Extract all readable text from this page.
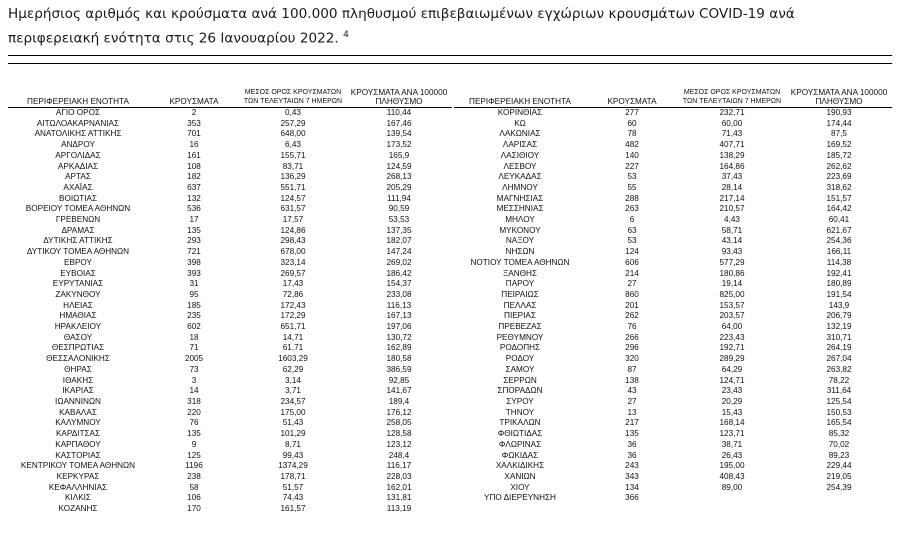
Ημερήσιος αριθμός και κρούσματα ανά 100.000 πληθυσμού επιβεβαιωμένων εγχώριων κρουσμάτων COVID-19 ανά περιφερειακή ενότητα στις 26 Ιανουαρίου 2022. $^4$
ΠΕΡΙΦΕΡΕΙΑΚΗ ΕΝΟΤΗΤΑ	ΚΡΟΥΣΜΑΤΑ	ΜΕΣΟΣ ΟΡΟΣ ΚΡΟΥΣΜΑΤΩΝ ΤΩΝ ΤΕΛΕΥΤΑΙΩΝ 7 ΗΜΕΡΩΝ	ΚΡΟΥΣΜΑΤΑ ΑΝΑ 100000 ΠΛΗΘΥΣΜΟ
ΑΓΙΟ ΟΡΟΣ	2	0,43	110,44
ΑΙΤΩΛΟΑΚΑΡΝΑΝΙΑΣ	353	257,29	167,46
ΑΝΑΤΟΛΙΚΗΣ ΑΤΤΙΚΗΣ	701	648,00	139,54
ΑΝΔΡΟΥ	16	6,43	173,52
ΑΡΓΟΛΙΔΑΣ	161	155,71	165,9
ΑΡΚΑΔΙΑΣ	108	83,71	124,59
ΑΡΤΑΣ	182	136,29	268,13
ΑΧΑΪΑΣ	637	551,71	205,29
ΒΟΙΩΤΙΑΣ	132	124,57	111,94
ΒΟΡΕΙΟΥ ΤΟΜΕΑ ΑΘΗΝΩΝ	536	631,57	90,59
ΓΡΕΒΕΝΩΝ	17	17,57	53,53
ΔΡΑΜΑΣ	135	124,86	137,35
ΔΥΤΙΚΗΣ ΑΤΤΙΚΗΣ	293	298,43	182,07
ΔΥΤΙΚΟΥ ΤΟΜΕΑ ΑΘΗΝΩΝ	721	678,00	147,24
ΕΒΡΟΥ	398	323,14	269,02
ΕΥΒΟΙΑΣ	393	269,57	186,42
ΕΥΡΥΤΑΝΙΑΣ	31	17,43	154,37
ΖΑΚΥΝΘΟΥ	95	72,86	233,08
ΗΛΕΙΑΣ	185	172,43	116,13
ΗΜΑΘΙΑΣ	235	172,29	167,13
ΗΡΑΚΛΕΙΟΥ	602	651,71	197,06
ΘΑΣΟΥ	18	14,71	130,72
ΘΕΣΠΡΩΤΙΑΣ	71	61,71	162,89
ΘΕΣΣΑΛΟΝΙΚΗΣ	2005	1603,29	180,58
ΘΗΡΑΣ	73	62,29	386,59
ΙΘΑΚΗΣ	3	3,14	92,85
ΙΚΑΡΙΑΣ	14	3,71	141,67
ΙΩΑΝΝΙΝΩΝ	318	234,57	189,4
ΚΑΒΑΛΑΣ	220	175,00	176,12
ΚΑΛΥΜΝΟΥ	76	51,43	258,05
ΚΑΡΔΙΤΣΑΣ	135	101,29	128,58
ΚΑΡΠΑΘΟΥ	9	8,71	123,12
ΚΑΣΤΟΡΙΑΣ	125	99,43	248,4
ΚΕΝΤΡΙΚΟΥ ΤΟΜΕΑ ΑΘΗΝΩΝ	1196	1374,29	116,17
ΚΕΡΚΥΡΑΣ	238	178,71	228,03
ΚΕΦΑΛΛΗΝΙΑΣ	58	51,57	162,01
ΚΙΛΚΙΣ	106	74,43	131,81
ΚΟΖΑΝΗΣ	170	161,57	113,19
ΠΕΡΙΦΕΡΕΙΑΚΗ ΕΝΟΤΗΤΑ	ΚΡΟΥΣΜΑΤΑ	ΜΕΣΟΣ ΟΡΟΣ ΚΡΟΥΣΜΑΤΩΝ ΤΩΝ ΤΕΛΕΥΤΑΙΩΝ 7 ΗΜΕΡΩΝ	ΚΡΟΥΣΜΑΤΑ ΑΝΑ 100000 ΠΛΗΘΥΣΜΟ
ΚΟΡΙΝΘΙΑΣ	277	232,71	190,93
ΚΩ	60	60,00	174,44
ΛΑΚΩΝΙΑΣ	78	71,43	87,5
ΛΑΡΙΣΑΣ	482	407,71	169,52
ΛΑΣΙΘΙΟΥ	140	138,29	185,72
ΛΕΣΒΟΥ	227	164,86	262,62
ΛΕΥΚΑΔΑΣ	53	37,43	223,69
ΛΗΜΝΟΥ	55	28,14	318,62
ΜΑΓΝΗΣΙΑΣ	288	217,14	151,57
ΜΕΣΣΗΝΙΑΣ	263	210,57	164,42
ΜΗΛΟΥ	6	4,43	60,41
ΜΥΚΟΝΟΥ	63	58,71	621,67
ΝΑΞΟΥ	53	43,14	254,36
ΝΗΣΩΝ	124	93,43	166,11
ΝΟΤΙΟΥ ΤΟΜΕΑ ΑΘΗΝΩΝ	606	577,29	114,38
ΞΑΝΘΗΣ	214	180,86	192,41
ΠΑΡΟΥ	27	19,14	180,89
ΠΕΙΡΑΙΩΣ	860	825,00	191,54
ΠΕΛΛΑΣ	201	153,57	143,9
ΠΙΕΡΙΑΣ	262	203,57	206,79
ΠΡΕΒΕΖΑΣ	76	64,00	132,19
ΡΕΘΥΜΝΟΥ	266	223,43	310,71
ΡΟΔΟΠΗΣ	296	192,71	264,19
ΡΟΔΟΥ	320	289,29	267,04
ΣΑΜΟΥ	87	64,29	263,82
ΣΕΡΡΩΝ	138	124,71	78,22
ΣΠΟΡΑΔΩΝ	43	23,43	311,64
ΣΥΡΟΥ	27	20,29	125,54
ΤΗΝΟΥ	13	15,43	150,53
ΤΡΙΚΑΛΩΝ	217	168,14	165,54
ΦΘΙΩΤΙΔΑΣ	135	123,71	85,32
ΦΛΩΡΙΝΑΣ	36	38,71	70,02
ΦΩΚΙΔΑΣ	36	26,43	89,23
ΧΑΛΚΙΔΙΚΗΣ	243	195,00	229,44
ΧΑΝΙΩΝ	343	408,43	219,05
ΧΙΟΥ	134	89,00	254,39
ΥΠΟ ΔΙΕΡΕΥΝΗΣΗ	366		
